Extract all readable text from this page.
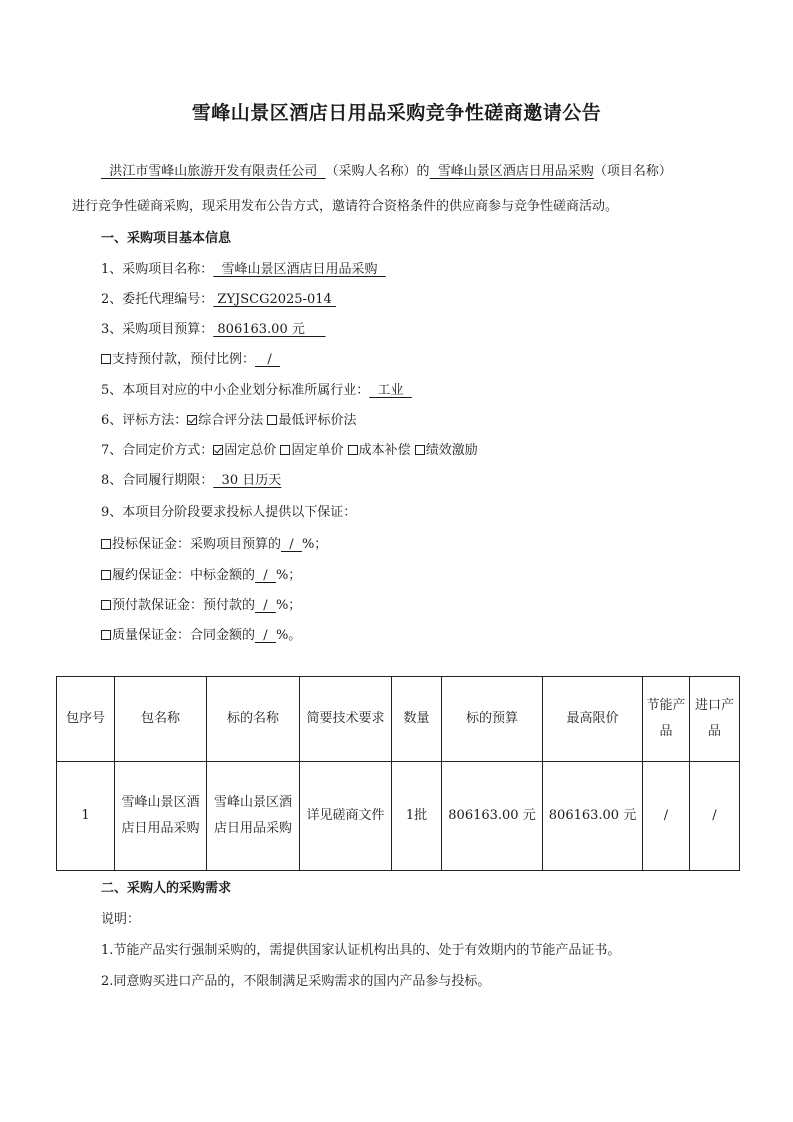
雪峰山景区酒店日用品采购竞争性磋商邀请公告
洪江市雪峰山旅游开发有限责任公司  （采购人名称）的  雪峰山景区酒店日用品采购（项目名称）
进行竞争性磋商采购，现采用发布公告方式，邀请符合资格条件的供应商参与竞争性磋商活动。
一、采购项目基本信息
1、采购项目名称：  雪峰山景区酒店日用品采购
2、委托代理编号： ZYJSCG2025-014
3、采购项目预算： 806163.00 元
支持预付款，预付比例：   /
5、本项目对应的中小企业划分标准所属行业：  工业
6、评标方法： 综合评分法 最低评标价法
7、合同定价方式： 固定总价 固定单价 成本补偿 绩效激励
8、合同履行期限：  30 日历天
9、本项目分阶段要求投标人提供以下保证：
投标保证金：采购项目预算的  /  %；
履约保证金：中标金额的  /  %；
预付款保证金：预付款的  /  %；
质量保证金：合同金额的  /  %。
包序号	包名称	标的名称	简要技术要求	数量	标的预算	最高限价	节能产品	进口产品
1	雪峰山景区酒店日用品采购	雪峰山景区酒店日用品采购	详见磋商文件	1批	806163.00 元	806163.00 元	/	/
二、采购人的采购需求
说明：
1.节能产品实行强制采购的，需提供国家认证机构出具的、处于有效期内的节能产品证书。
2.同意购买进口产品的，不限制满足采购需求的国内产品参与投标。
